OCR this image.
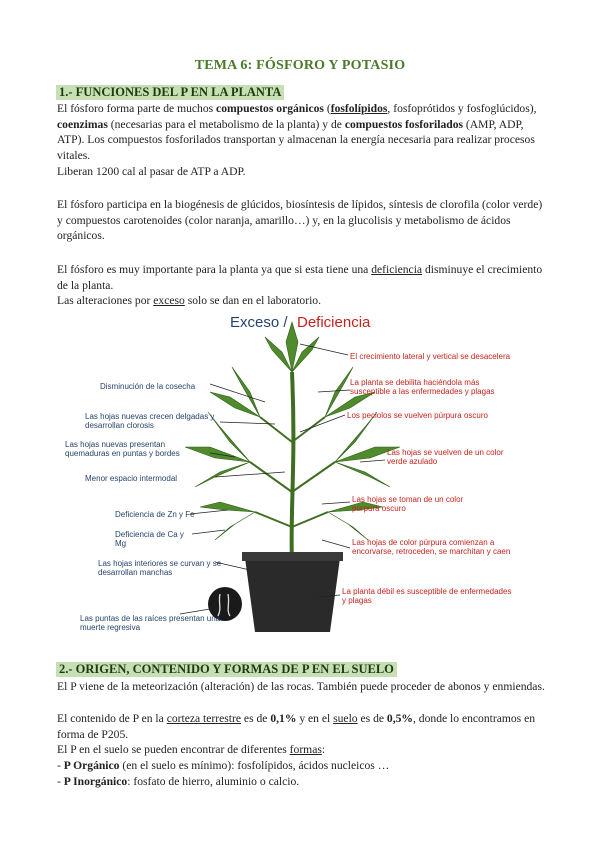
TEMA 6: FÓSFORO Y POTASIO
1.- FUNCIONES DEL P EN LA PLANTA

El fósforo forma parte de muchos compuestos orgánicos (fosfolípidos, fosfoprótidos y fosfoglúcidos), coenzimas (necesarias para el metabolismo de la planta) y de compuestos fosforilados (AMP, ADP, ATP). Los compuestos fosforilados transportan y almacenan la energía necesaria para realizar procesos vitales.

Liberan 1200 cal al pasar de ATP a ADP.

El fósforo participa en la biogénesis de glúcidos, biosíntesis de lípidos, síntesis de clorofila (color verde) y compuestos carotenoides (color naranja, amarillo…) y, en la glucolisis y metabolismo de ácidos orgánicos.

El fósforo es muy importante para la planta ya que si esta tiene una deficiencia disminuye el crecimiento de la planta.

Las alteraciones por exceso solo se dan en el laboratorio.

Exceso / Deficiencia
Disminución de la cosecha
Las hojas nuevas crecen delgadas y desarrollan clorosis
Las hojas nuevas presentan quemaduras en puntas y bordes
Menor espacio intermodal
Deficiencia de Zn y Fe
Deficiencia de Ca y Mg
Las hojas interiores se curvan y se desarrollan manchas
Las puntas de las raíces presentan una muerte regresiva
El crecimiento lateral y vertical se desacelera
La planta se debilita haciéndola más susceptible a las enfermedades y plagas
Los peciolos se vuelven púrpura oscuro
Las hojas se vuelven de un color verde azulado
Las hojas se toman de un color púrpura oscuro
Las hojas de color púrpura comienzan a encorvarse, retroceden, se marchitan y caen
La planta débil es susceptible de enfermedades y plagas
2.- ORIGEN, CONTENIDO Y FORMAS DE P EN EL SUELO

El P viene de la meteorización (alteración) de las rocas. También puede proceder de abonos y enmiendas.

El contenido de P en la corteza terrestre es de 0,1% y en el suelo es de 0,5%, donde lo encontramos en forma de P205.

El P en el suelo se pueden encontrar de diferentes formas:

- P Orgánico (en el suelo es mínimo): fosfolípidos, ácidos nucleicos …

- P Inorgánico: fosfato de hierro, aluminio o calcio.
